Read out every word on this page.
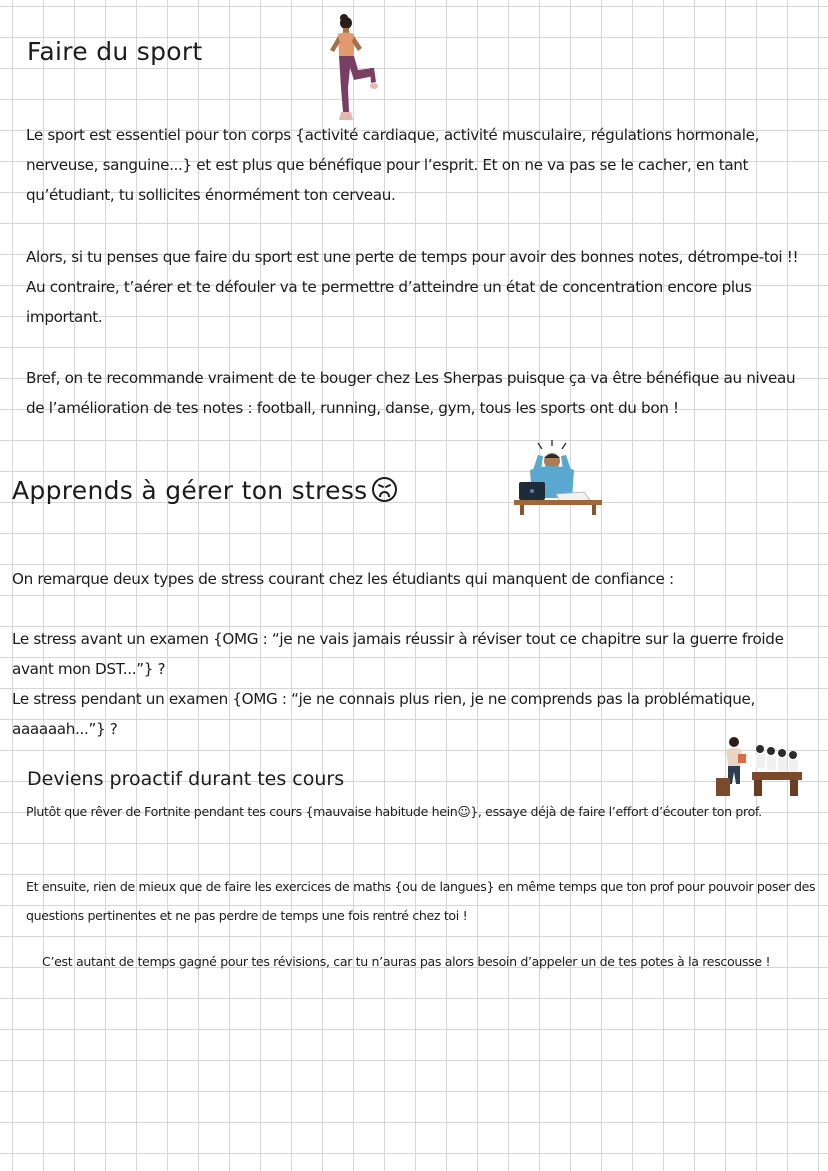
Faire du sport

Le sport est essentiel pour ton corps {activité cardiaque, activité musculaire, régulations hormonale, nerveuse, sanguine...} et est plus que bénéfique pour l’esprit. Et on ne va pas se le cacher, en tant qu’étudiant, tu sollicites énormément ton cerveau.

Alors, si tu penses que faire du sport est une perte de temps pour avoir des bonnes notes, détrompe-toi !! Au contraire, t’aérer et te défouler va te permettre d’atteindre un état de concentration encore plus important.

Bref, on te recommande vraiment de te bouger chez Les Sherpas puisque ça va être bénéfique au niveau de l’amélioration de tes notes : football, running, danse, gym, tous les sports ont du bon !

Apprends à gérer ton stress

On remarque deux types de stress courant chez les étudiants qui manquent de confiance :

Le stress avant un examen {OMG : “je ne vais jamais réussir à réviser tout ce chapitre sur la guerre froide avant mon DST...”} ?

Le stress pendant un examen {OMG : “je ne connais plus rien, je ne comprends pas la problématique, aaaaaah...”} ?

Deviens proactif durant tes cours

Plutôt que rêver de Fortnite pendant tes cours {mauvaise habitude hein☺}, essaye déjà de faire l’effort d’écouter ton prof.

Et ensuite, rien de mieux que de faire les exercices de maths {ou de langues} en même temps que ton prof pour pouvoir poser des questions pertinentes et ne pas perdre de temps une fois rentré chez toi !

C’est autant de temps gagné pour tes révisions, car tu n’auras pas alors besoin d’appeler un de tes potes à la rescousse !
